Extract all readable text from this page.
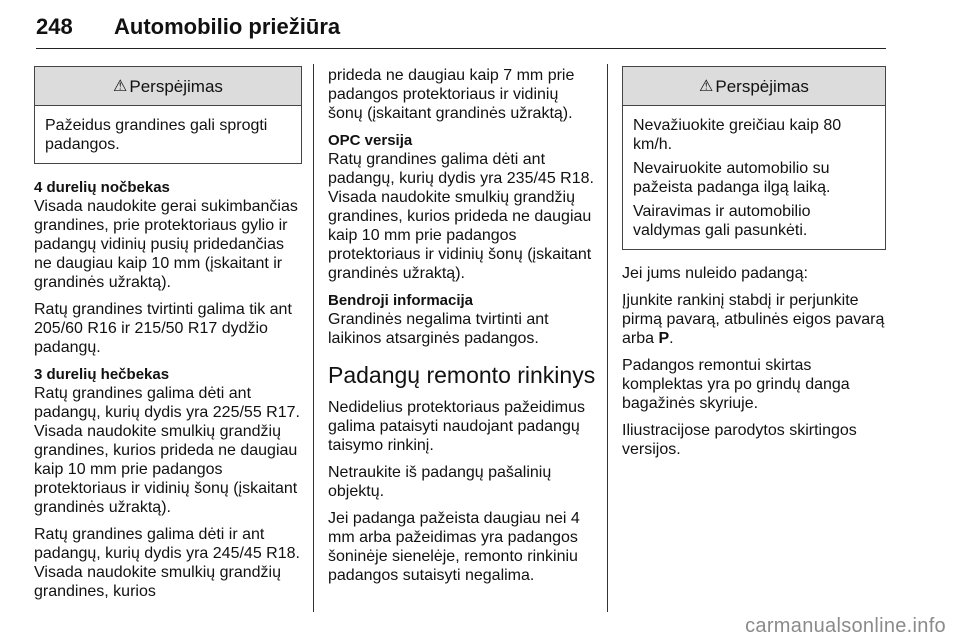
248 Automobilio priežiūra
⚠ Perspėjimas

Pažeidus grandines gali sprogti padangos.

4 durelių nočbekas

Visada naudokite gerai sukimbančias grandines, prie protektoriaus gylio ir padangų vidinių pusių pridedančias ne daugiau kaip 10 mm (įskaitant ir grandinės užraktą).

Ratų grandines tvirtinti galima tik ant 205/60 R16 ir 215/50 R17 dydžio padangų.

3 durelių hečbekas

Ratų grandines galima dėti ant padangų, kurių dydis yra 225/55 R17. Visada naudokite smulkių grandžių grandines, kurios prideda ne daugiau kaip 10 mm prie padangos protektoriaus ir vidinių šonų (įskaitant grandinės užraktą).

Ratų grandines galima dėti ir ant padangų, kurių dydis yra 245/45 R18. Visada naudokite smulkių grandžių grandines, kurios

prideda ne daugiau kaip 7 mm prie padangos protektoriaus ir vidinių šonų (įskaitant grandinės užraktą).

OPC versija

Ratų grandines galima dėti ant padangų, kurių dydis yra 235/45 R18. Visada naudokite smulkių grandžių grandines, kurios prideda ne daugiau kaip 10 mm prie padangos protektoriaus ir vidinių šonų (įskaitant grandinės užraktą).

Bendroji informacija

Grandinės negalima tvirtinti ant laikinos atsarginės padangos.

Padangų remonto rinkinys

Nedidelius protektoriaus pažeidimus galima pataisyti naudojant padangų taisymo rinkinį.

Netraukite iš padangų pašalinių objektų.

Jei padanga pažeista daugiau nei 4 mm arba pažeidimas yra padangos šoninėje sienelėje, remonto rinkiniu padangos sutaisyti negalima.

⚠ Perspėjimas

Nevažiuokite greičiau kaip 80 km/h.

Nevairuokite automobilio su pažeista padanga ilgą laiką.

Vairavimas ir automobilio valdymas gali pasunkėti.

Jei jums nuleido padangą:

Įjunkite rankinį stabdį ir perjunkite pirmą pavarą, atbulinės eigos pavarą arba P.

Padangos remontui skirtas komplektas yra po grindų danga bagažinės skyriuje.

Iliustracijose parodytos skirtingos versijos.

carmanualsonline.info
